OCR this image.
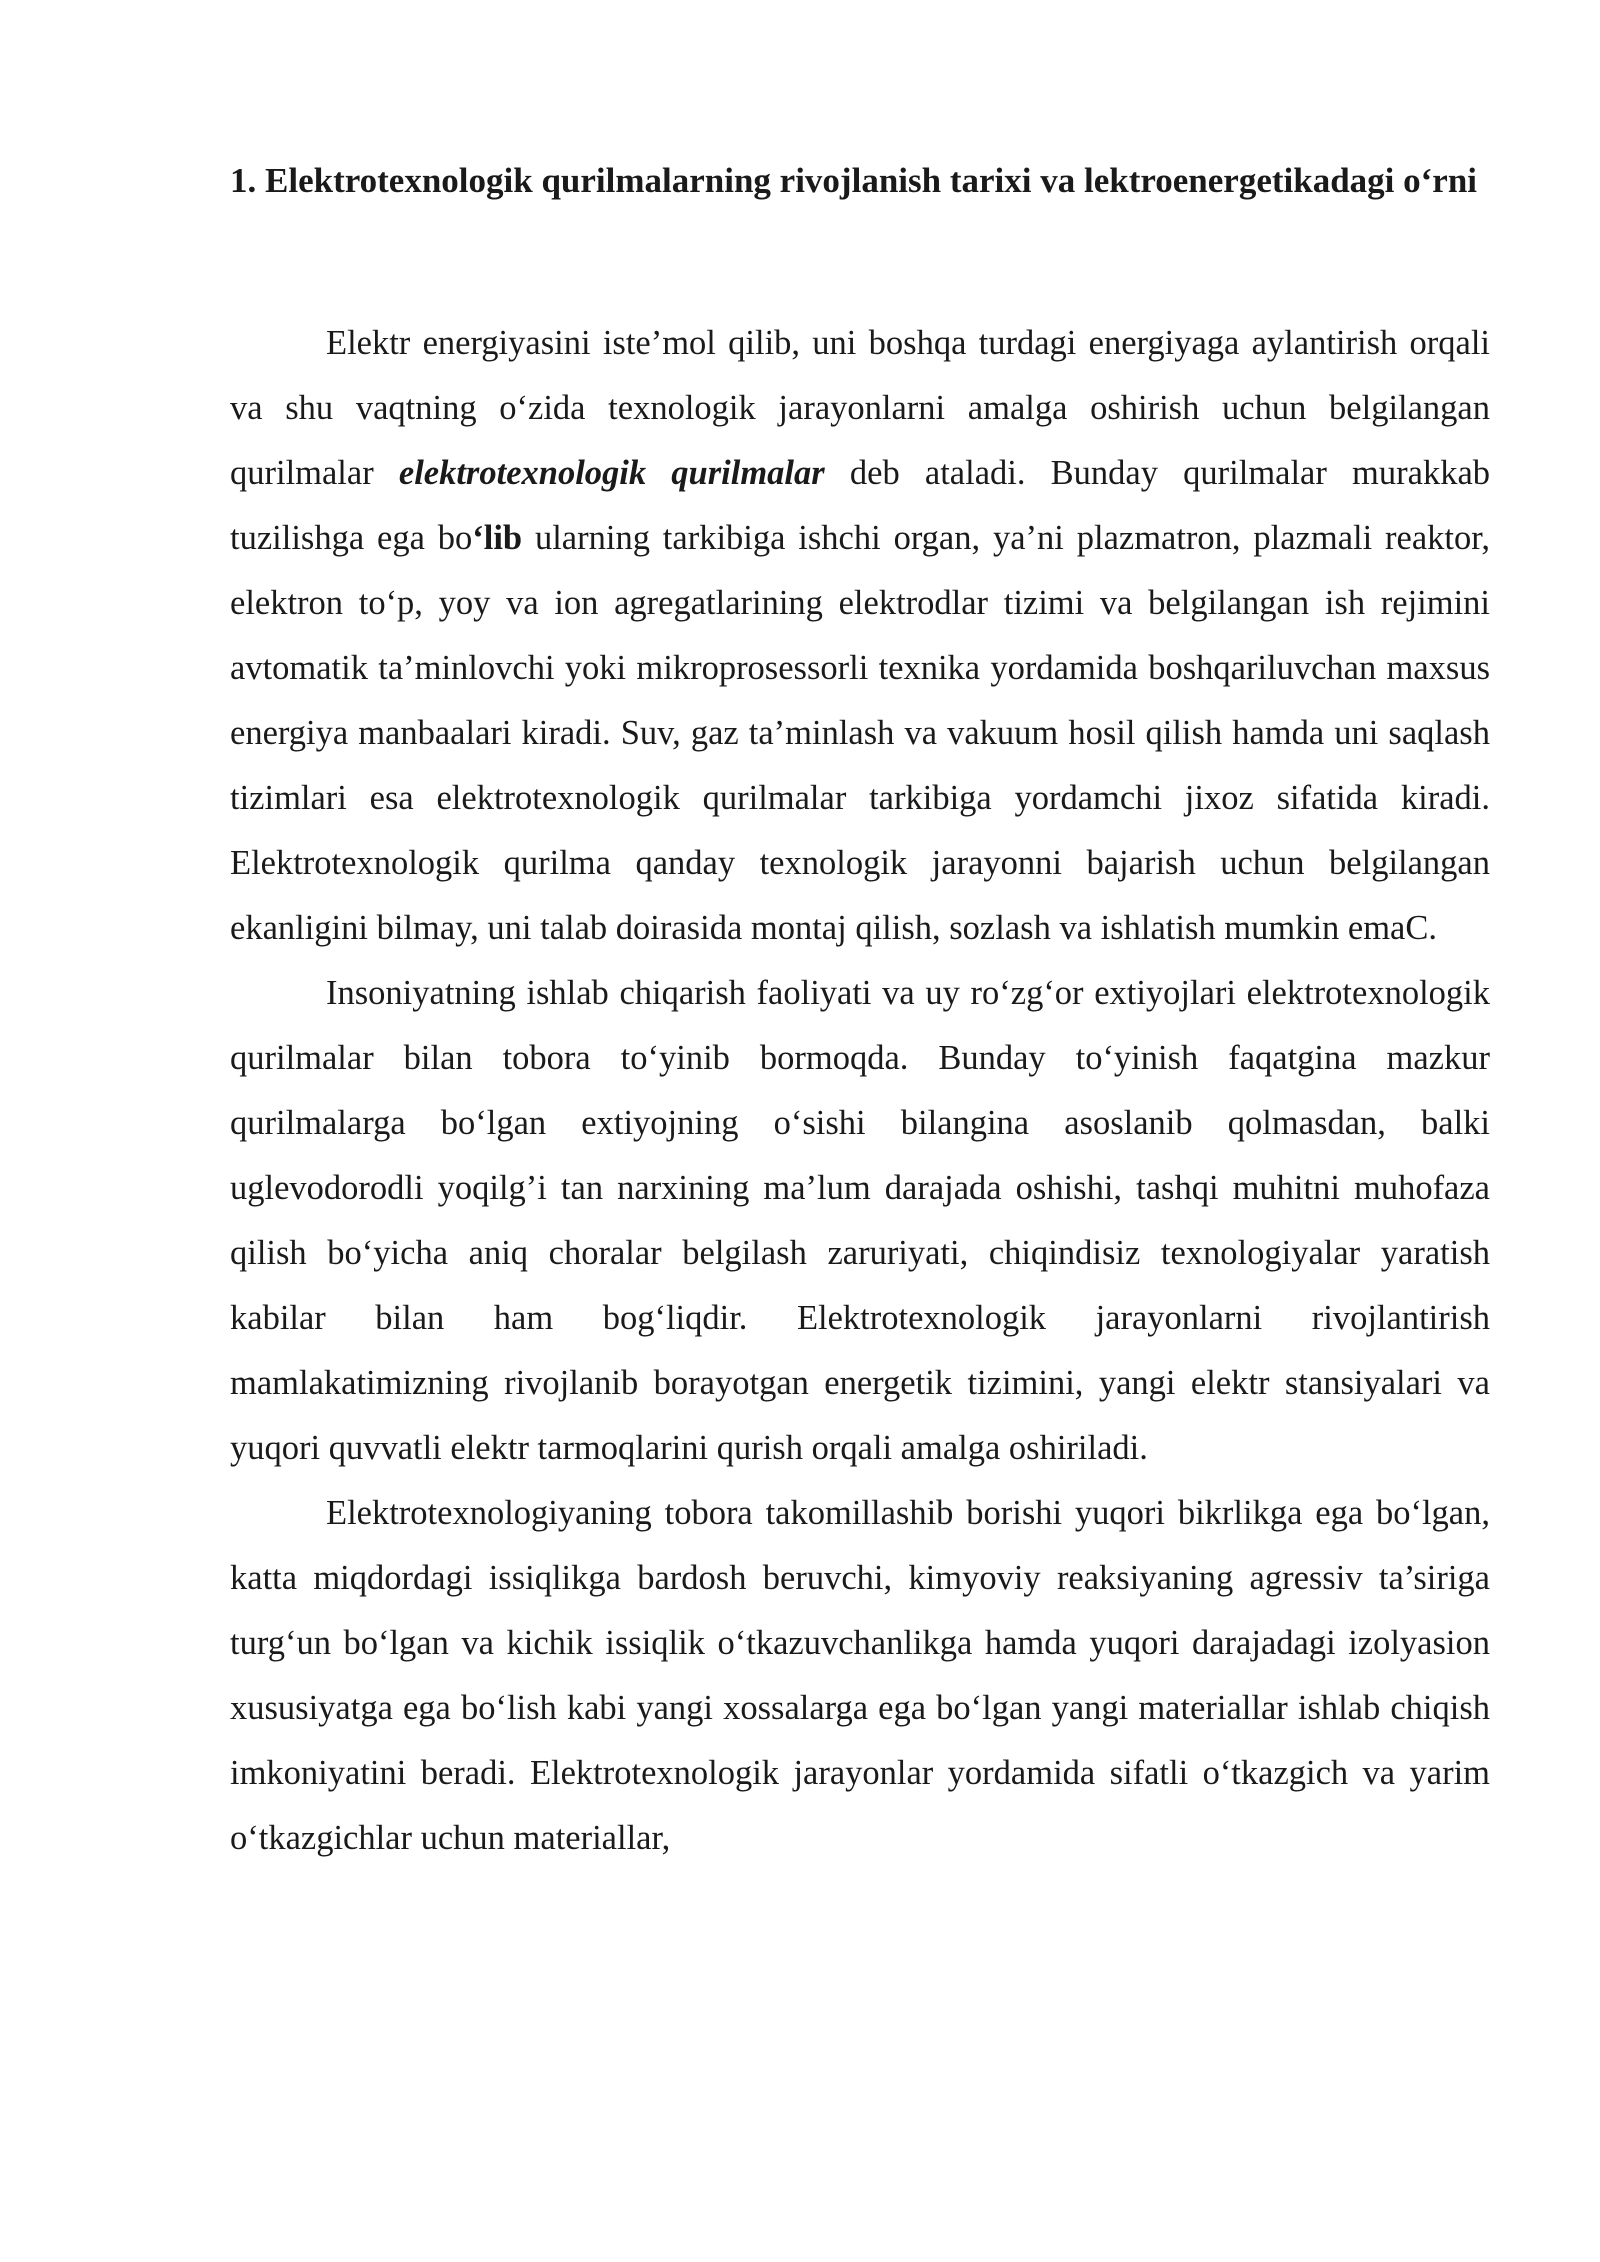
1. Elektrotexnologik qurilmalarning rivojlanish tarixi va lektroenergetikadagi o‘rni

Elektr energiyasini iste’mol qilib, uni boshqa turdagi energiyaga aylantirish orqali va shu vaqtning o‘zida texnologik jarayonlarni amalga oshirish uchun belgilangan qurilmalar elektrotexnologik qurilmalar deb ataladi. Bunday qurilmalar murakkab tuzilishga ega bo‘lib ularning tarkibiga ishchi organ, ya’ni plazmatron, plazmali reaktor, elektron to‘p, yoy va ion agregatlarining elektrodlar tizimi va belgilangan ish rejimini avtomatik ta’minlovchi yoki mikroprosessorli texnika yordamida boshqariluvchan maxsus energiya manbaalari kiradi. Suv, gaz ta’minlash va vakuum hosil qilish hamda uni saqlash tizimlari esa elektrotexnologik qurilmalar tarkibiga yordamchi jixoz sifatida kiradi. Elektrotexnologik qurilma qanday texnologik jarayonni bajarish uchun belgilangan ekanligini bilmay, uni talab doirasida montaj qilish, sozlash va ishlatish mumkin emaC.

Insoniyatning ishlab chiqarish faoliyati va uy ro‘zg‘or extiyojlari elektrotexnologik qurilmalar bilan tobora to‘yinib bormoqda. Bunday to‘yinish faqatgina mazkur qurilmalarga bo‘lgan extiyojning o‘sishi bilangina asoslanib qolmasdan, balki uglevodorodli yoqilg’i tan narxining ma’lum darajada oshishi, tashqi muhitni muhofaza qilish bo‘yicha aniq choralar belgilash zaruriyati, chiqindisiz texnologiyalar yaratish kabilar bilan ham bog‘liqdir. Elektrotexnologik jarayonlarni rivojlantirish mamlakatimizning rivojlanib borayotgan energetik tizimini, yangi elektr stansiyalari va yuqori quvvatli elektr tarmoqlarini qurish orqali amalga oshiriladi.

Elektrotexnologiyaning tobora takomillashib borishi yuqori bikrlikga ega bo‘lgan, katta miqdordagi issiqlikga bardosh beruvchi, kimyoviy reaksiyaning agressiv ta’siriga turg‘un bo‘lgan va kichik issiqlik o‘tkazuvchanlikga hamda yuqori darajadagi izolyasion xususiyatga ega bo‘lish kabi yangi xossalarga ega bo‘lgan yangi materiallar ishlab chiqish imkoniyatini beradi. Elektrotexnologik jarayonlar yordamida sifatli o‘tkazgich va yarim o‘tkazgichlar uchun materiallar,
